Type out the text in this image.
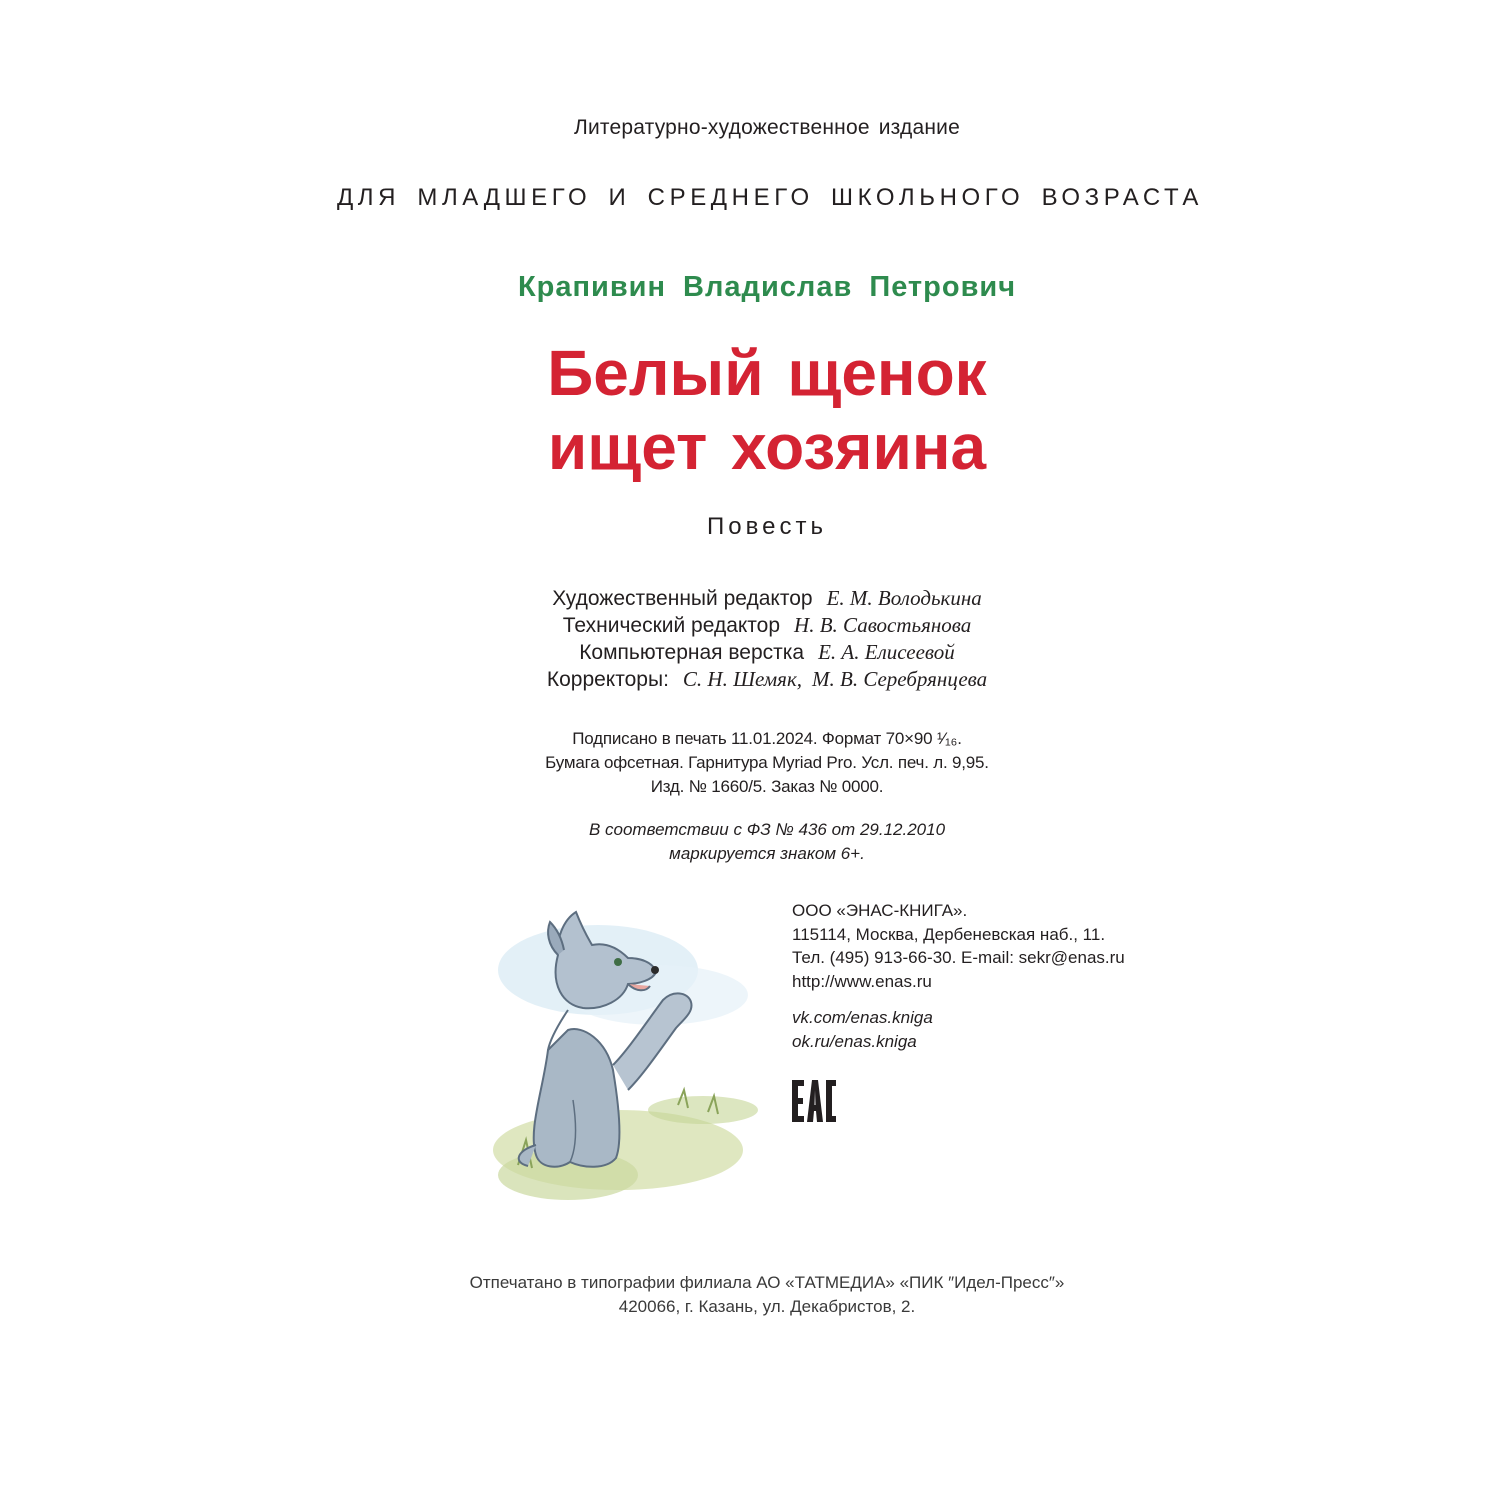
Литературно-художественное издание
ДЛЯ МЛАДШЕГО И СРЕДНЕГО ШКОЛЬНОГО ВОЗРАСТА
Крапивин Владислав Петрович
Белый щенок
ищет хозяина
Повесть
Художественный редактор Е. М. Володькина
Технический редактор Н. В. Савостьянова
Компьютерная верстка Е. А. Елисеевой
Корректоры: С. Н. Шемяк, М. В. Серебрянцева
Подписано в печать 11.01.2024. Формат 70×90 ¹⁄₁₆.
Бумага офсетная. Гарнитура Myriad Pro. Усл. печ. л. 9,95.
Изд. № 1660/5. Заказ № 0000.
В соответствии с ФЗ № 436 от 29.12.2010
маркируется знаком 6+.
ООО «ЭНАС-КНИГА».
115114, Москва, Дербеневская наб., 11.
Тел. (495) 913-66-30. E-mail: sekr@enas.ru
http://www.enas.ru
vk.com/enas.kniga
ok.ru/enas.kniga
Отпечатано в типографии филиала АО «ТАТМЕДИА» «ПИК ″Идел-Пресс″»
420066, г. Казань, ул. Декабристов, 2.
